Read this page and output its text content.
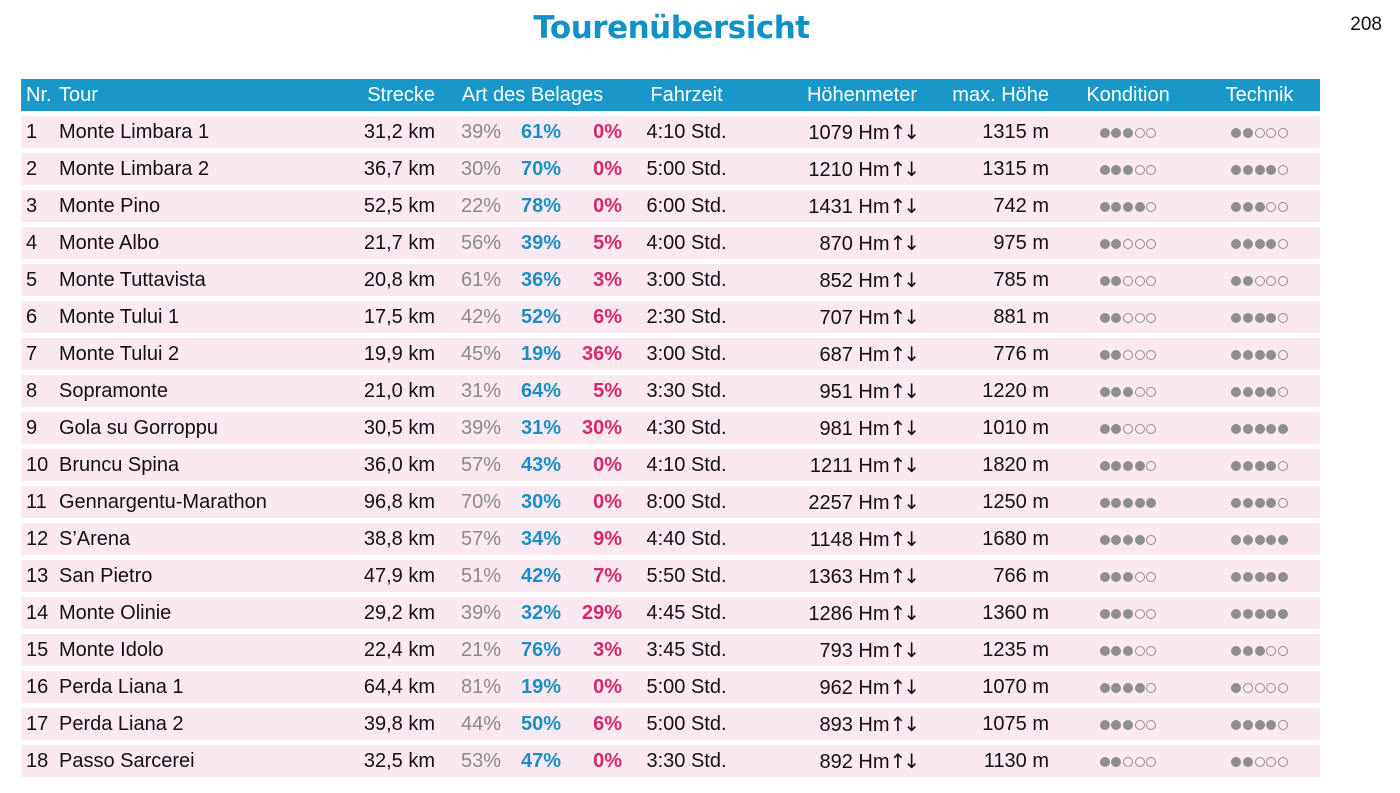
Tourenübersicht	208
Nr.	Tour	Strecke	Art des Belages			Fahrzeit	Höhenmeter	max. Höhe	Kondition	Technik
1	Monte Limbara 1	31,2 km	39%	61%	0%	4:10 Std.	1079 Hm↑↓	1315 m		
2	Monte Limbara 2	36,7 km	30%	70%	0%	5:00 Std.	1210 Hm↑↓	1315 m		
3	Monte Pino	52,5 km	22%	78%	0%	6:00 Std.	1431 Hm↑↓	742 m		
4	Monte Albo	21,7 km	56%	39%	5%	4:00 Std.	870 Hm↑↓	975 m		
5	Monte Tuttavista	20,8 km	61%	36%	3%	3:00 Std.	852 Hm↑↓	785 m		
6	Monte Tului 1	17,5 km	42%	52%	6%	2:30 Std.	707 Hm↑↓	881 m		
7	Monte Tului 2	19,9 km	45%	19%	36%	3:00 Std.	687 Hm↑↓	776 m		
8	Sopramonte	21,0 km	31%	64%	5%	3:30 Std.	951 Hm↑↓	1220 m		
9	Gola su Gorroppu	30,5 km	39%	31%	30%	4:30 Std.	981 Hm↑↓	1010 m		
10	Bruncu Spina	36,0 km	57%	43%	0%	4:10 Std.	1211 Hm↑↓	1820 m		
11	Gennargentu-Marathon	96,8 km	70%	30%	0%	8:00 Std.	2257 Hm↑↓	1250 m		
12	S’Arena	38,8 km	57%	34%	9%	4:40 Std.	1148 Hm↑↓	1680 m		
13	San Pietro	47,9 km	51%	42%	7%	5:50 Std.	1363 Hm↑↓	766 m		
14	Monte Olinie	29,2 km	39%	32%	29%	4:45 Std.	1286 Hm↑↓	1360 m		
15	Monte Idolo	22,4 km	21%	76%	3%	3:45 Std.	793 Hm↑↓	1235 m		
16	Perda Liana 1	64,4 km	81%	19%	0%	5:00 Std.	962 Hm↑↓	1070 m		
17	Perda Liana 2	39,8 km	44%	50%	6%	5:00 Std.	893 Hm↑↓	1075 m		
18	Passo Sarcerei	32,5 km	53%	47%	0%	3:30 Std.	892 Hm↑↓	1130 m		
